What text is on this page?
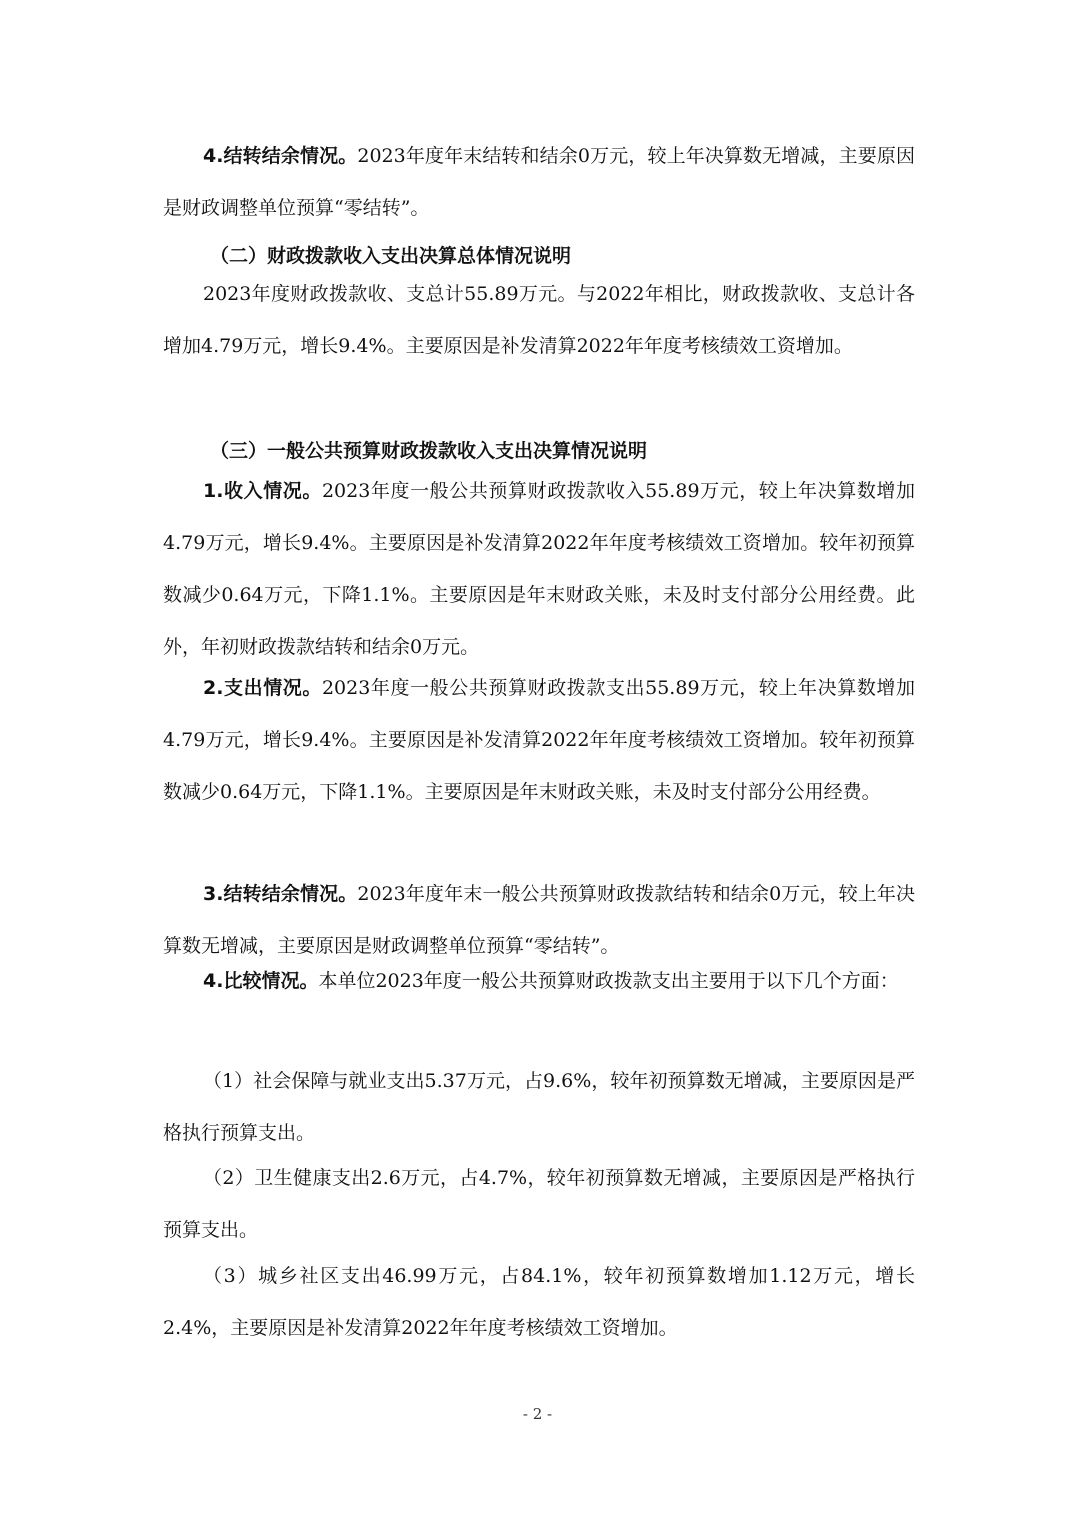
4.结转结余情况。2023年度年末结转和结余0万元，较上年决算数无增减，主要原因是财政调整单位预算“零结转”。

（二）财政拨款收入支出决算总体情况说明

2023年度财政拨款收、支总计55.89万元。与2022年相比，财政拨款收、支总计各增加4.79万元，增长9.4%。主要原因是补发清算2022年年度考核绩效工资增加。

（三）一般公共预算财政拨款收入支出决算情况说明

1.收入情况。2023年度一般公共预算财政拨款收入55.89万元，较上年决算数增加4.79万元，增长9.4%。主要原因是补发清算2022年年度考核绩效工资增加。较年初预算数减少0.64万元，下降1.1%。主要原因是年末财政关账，未及时支付部分公用经费。此外，年初财政拨款结转和结余0万元。

2.支出情况。2023年度一般公共预算财政拨款支出55.89万元，较上年决算数增加4.79万元，增长9.4%。主要原因是补发清算2022年年度考核绩效工资增加。较年初预算数减少0.64万元，下降1.1%。主要原因是年末财政关账，未及时支付部分公用经费。

3.结转结余情况。2023年度年末一般公共预算财政拨款结转和结余0万元，较上年决算数无增减，主要原因是财政调整单位预算“零结转”。

4.比较情况。本单位2023年度一般公共预算财政拨款支出主要用于以下几个方面：

（1）社会保障与就业支出5.37万元，占9.6%，较年初预算数无增减，主要原因是严格执行预算支出。

（2）卫生健康支出2.6万元，占4.7%，较年初预算数无增减，主要原因是严格执行预算支出。

（3）城乡社区支出46.99万元，占84.1%，较年初预算数增加1.12万元，增长2.4%，主要原因是补发清算2022年年度考核绩效工资增加。

- 2 -
